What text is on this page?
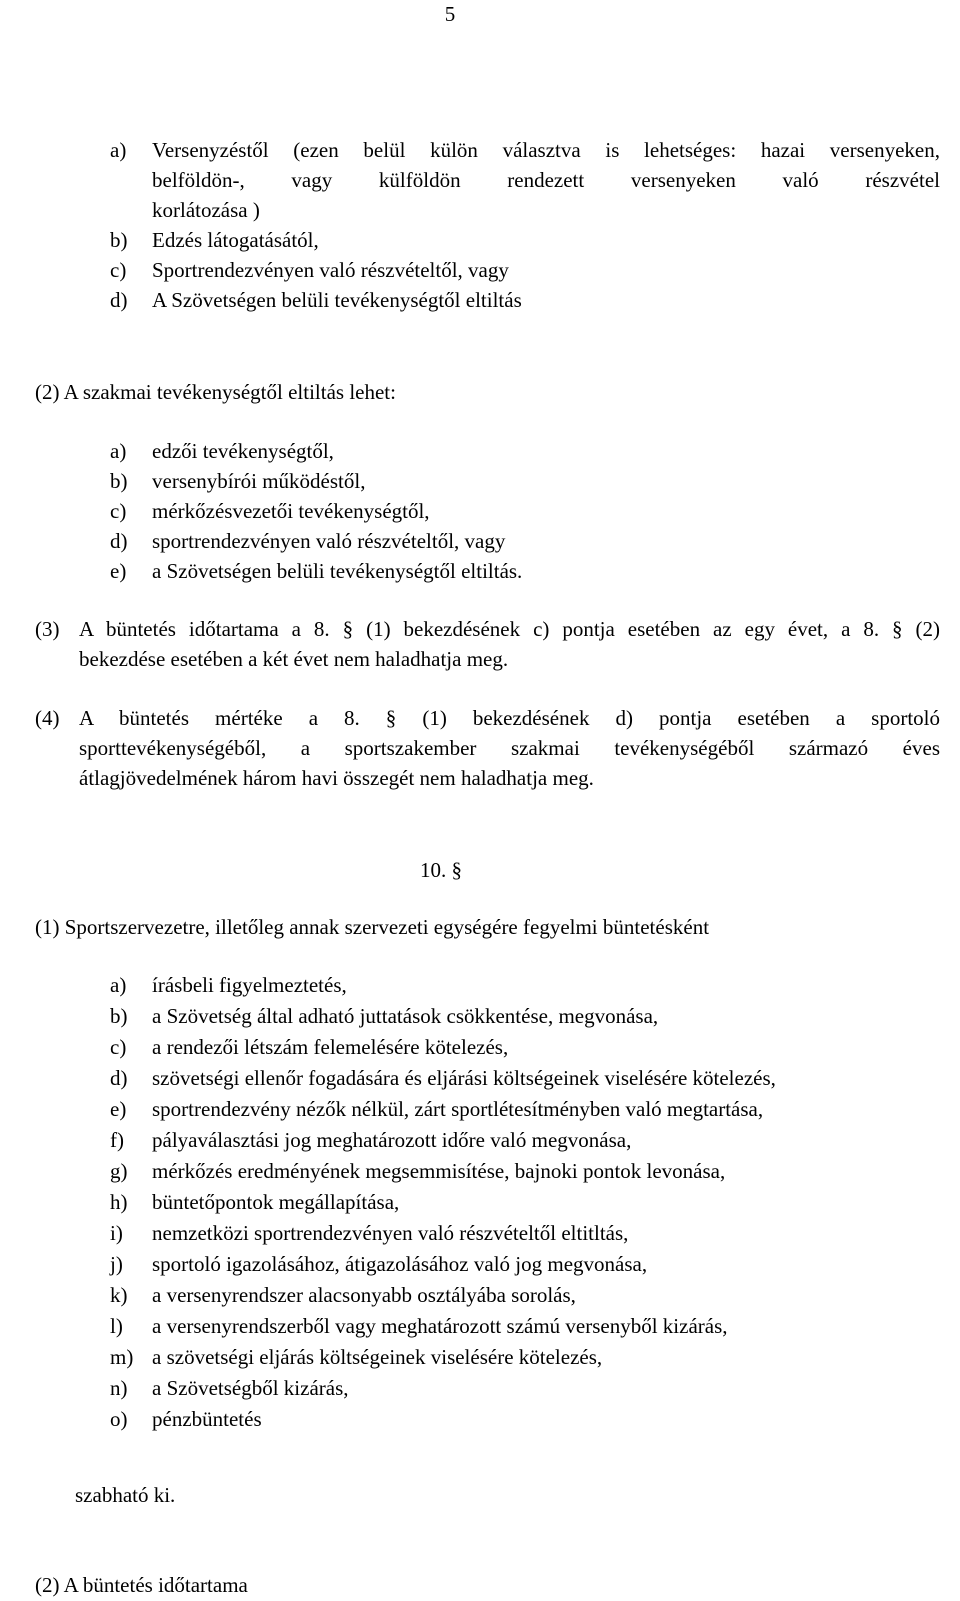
5
a) Versenyzéstől (ezen belül külön választva is lehetséges: hazai versenyeken,
belföldön-, vagy külföldön rendezett versenyeken való részvétel
korlátozása )
b) Edzés látogatásától,
c) Sportrendezvényen való részvételtől, vagy
d) A Szövetségen belüli tevékenységtől eltiltás
(2) A szakmai tevékenységtől eltiltás lehet:
a) edzői tevékenységtől,
b) versenybírói működéstől,
c) mérkőzésvezetői tevékenységtől,
d) sportrendezvényen való részvételtől, vagy
e) a Szövetségen belüli tevékenységtől eltiltás.
(3) A büntetés időtartama a 8. § (1) bekezdésének c) pontja esetében az egy évet, a 8. § (2)
bekezdése esetében a két évet nem haladhatja meg.
(4) A büntetés mértéke a 8. § (1) bekezdésének d) pontja esetében a sportoló
sporttevékenységéből, a sportszakember szakmai tevékenységéből származó éves
átlagjövedelmének három havi összegét nem haladhatja meg.
10. §
(1) Sportszervezetre, illetőleg annak szervezeti egységére fegyelmi büntetésként
a) írásbeli figyelmeztetés,
b) a Szövetség által adható juttatások csökkentése, megvonása,
c) a rendezői létszám felemelésére kötelezés,
d) szövetségi ellenőr fogadására és eljárási költségeinek viselésére kötelezés,
e) sportrendezvény nézők nélkül, zárt sportlétesítményben való megtartása,
f) pályaválasztási jog meghatározott időre való megvonása,
g) mérkőzés eredményének megsemmisítése, bajnoki pontok levonása,
h) büntetőpontok megállapítása,
i) nemzetközi sportrendezvényen való részvételtől eltitltás,
j) sportoló igazolásához, átigazolásához való jog megvonása,
k) a versenyrendszer alacsonyabb osztályába sorolás,
l) a versenyrendszerből vagy meghatározott számú versenyből kizárás,
m) a szövetségi eljárás költségeinek viselésére kötelezés,
n) a Szövetségből kizárás,
o) pénzbüntetés
szabható ki.
(2) A büntetés időtartama
